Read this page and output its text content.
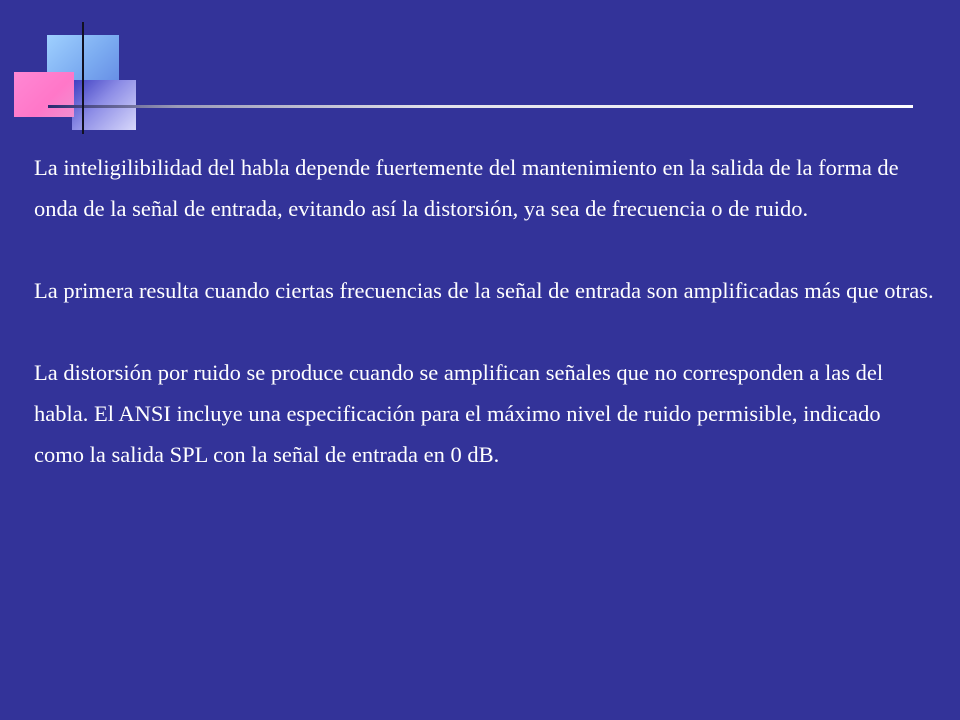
La inteligilibilidad del habla depende fuertemente del mantenimiento en la salida de la forma de onda de la señal de entrada, evitando así la distorsión, ya sea de frecuencia o de ruido.

La primera resulta cuando ciertas frecuencias de la señal de entrada son amplificadas más que otras.

La distorsión por ruido se produce cuando se amplifican señales que no corresponden a las del habla. El ANSI incluye una especificación para el máximo nivel de ruido permisible, indicado como la salida SPL con la señal de entrada en 0 dB.
